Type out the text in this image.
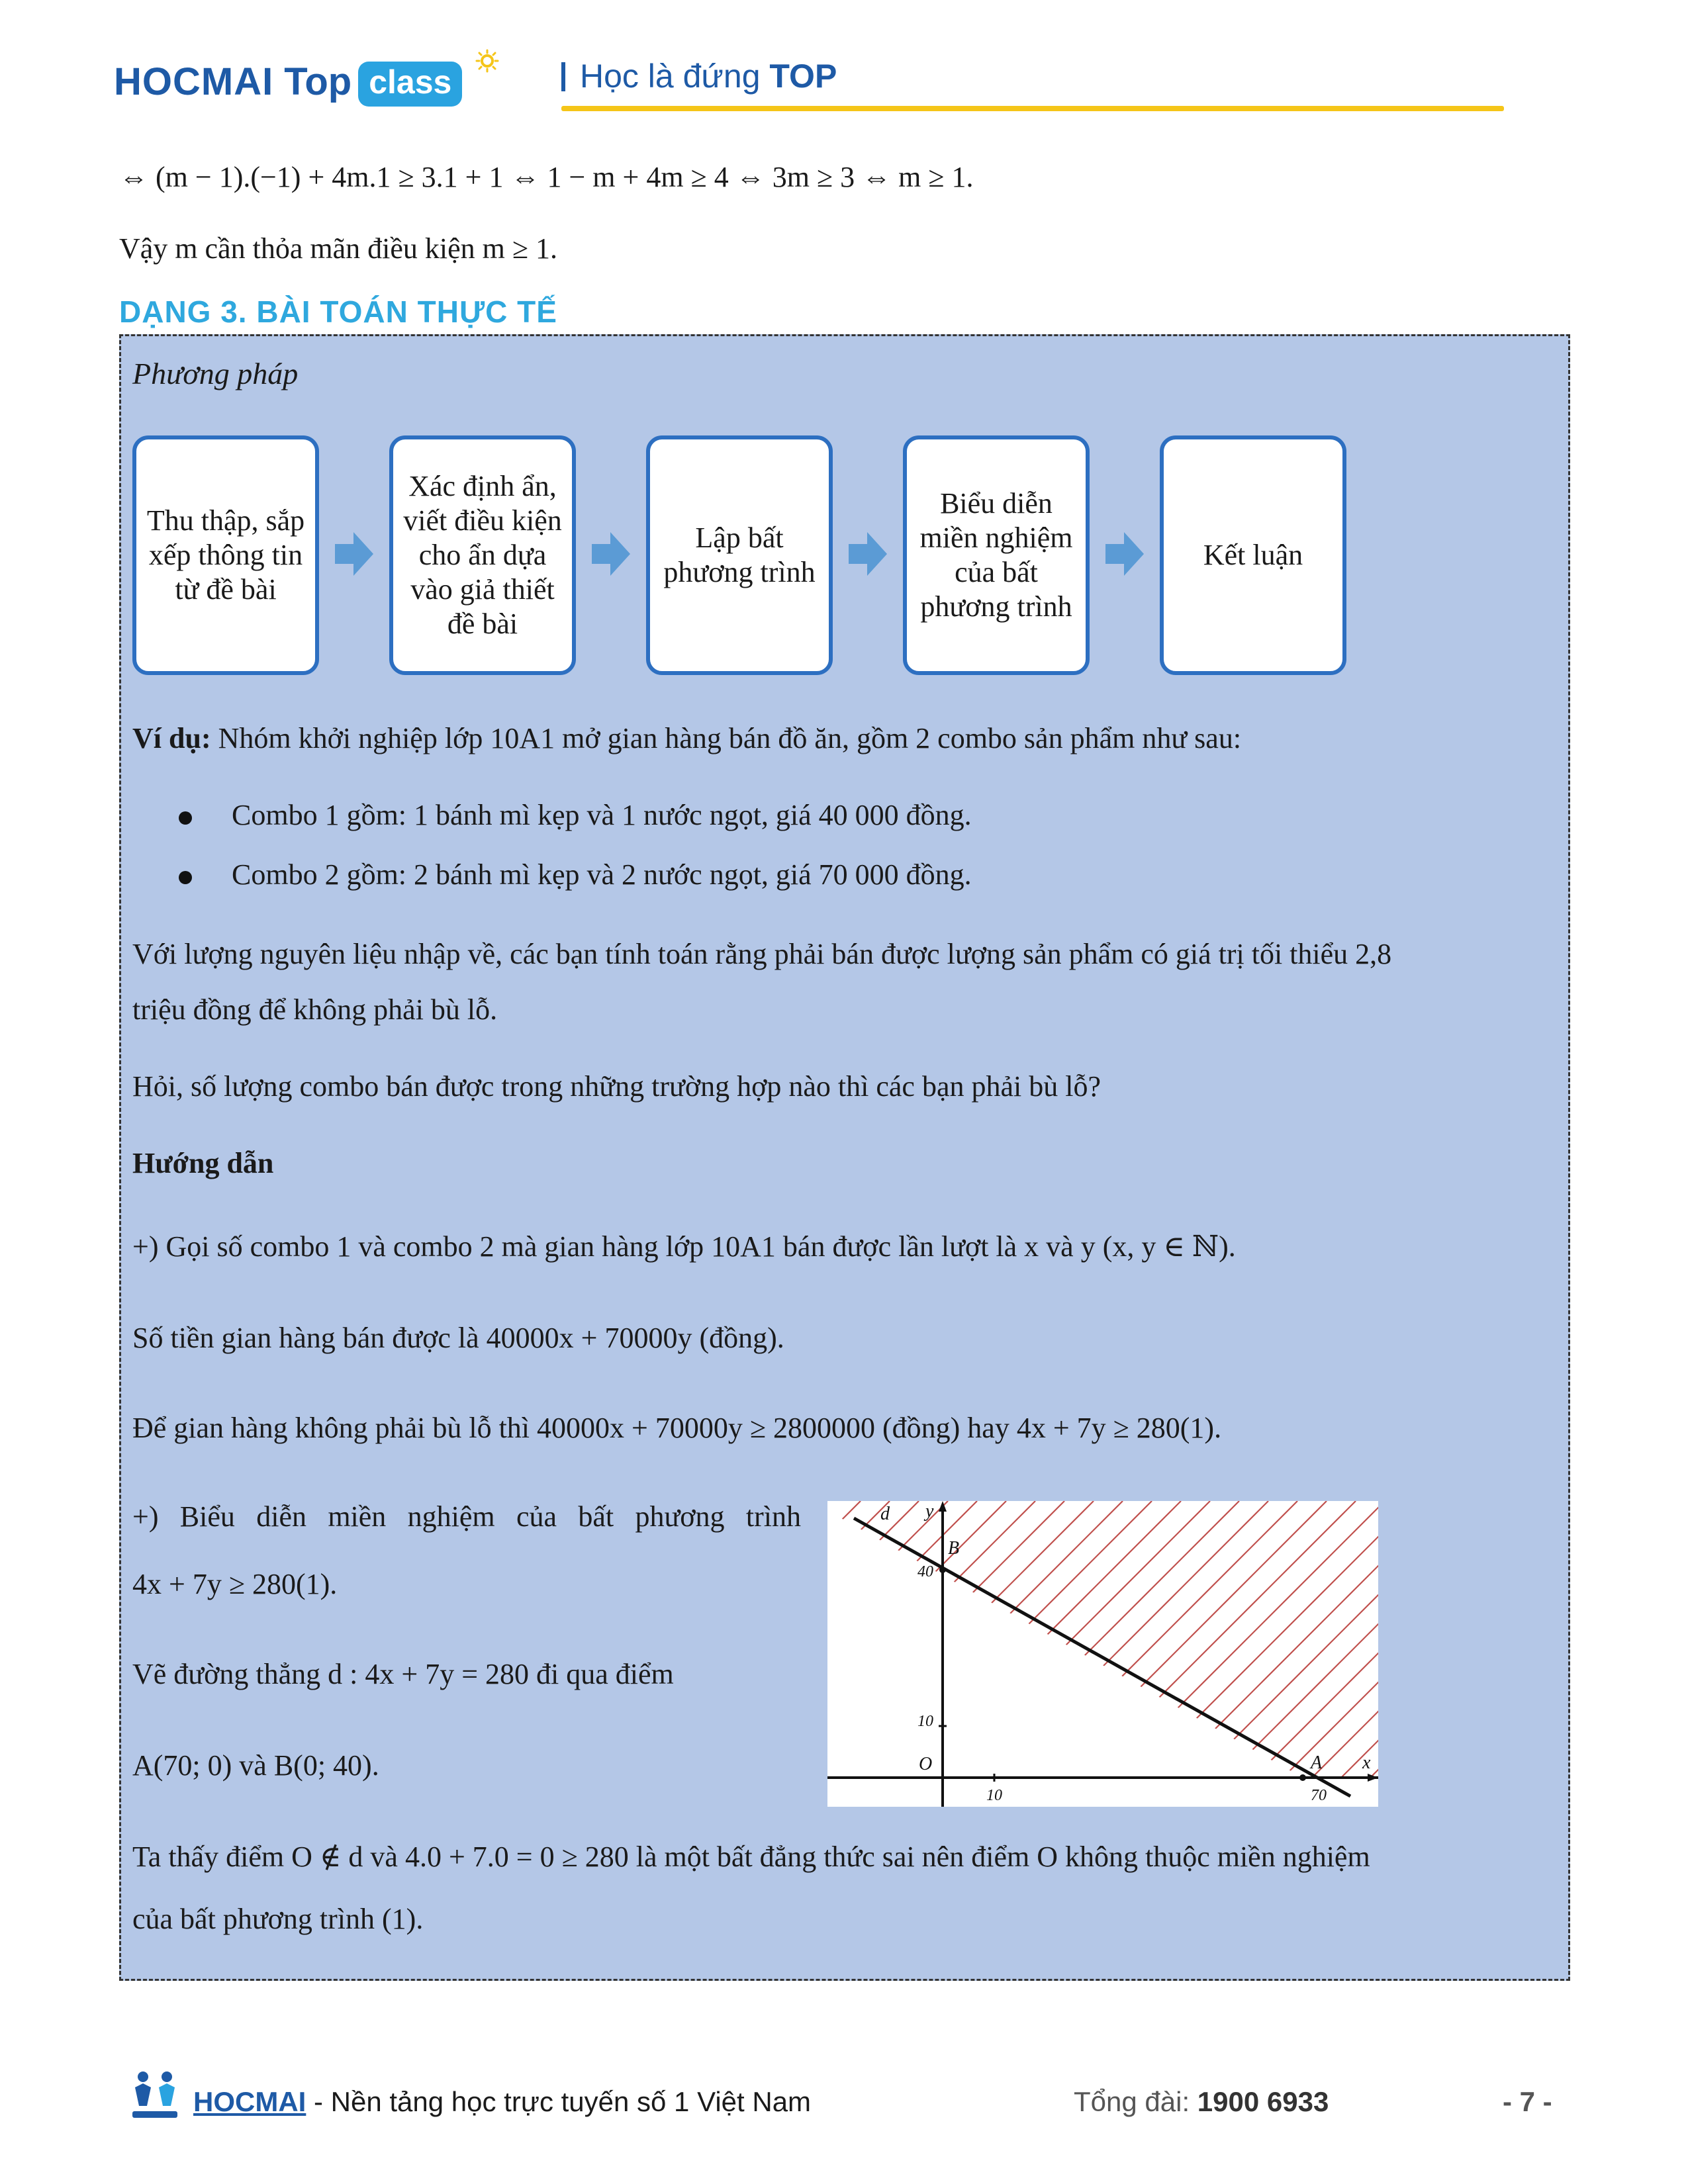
HOCMAI Top class	Học là đứng TOP
⇔ (m − 1).(−1) + 4m.1 ≥ 3.1 + 1 ⇔ 1 − m + 4m ≥ 4 ⇔ 3m ≥ 3 ⇔ m ≥ 1.
Vậy m cần thỏa mãn điều kiện m ≥ 1.
DẠNG 3. BÀI TOÁN THỰC TẾ
Phương pháp
Thu thập, sắp xếp thông tin từ đề bài
Xác định ẩn, viết điều kiện cho ẩn dựa vào giả thiết đề bài
Lập bất phương trình
Biểu diễn miền nghiệm của bất phương trình
Kết luận
Ví dụ: Nhóm khởi nghiệp lớp 10A1 mở gian hàng bán đồ ăn, gồm 2 combo sản phẩm như sau:
Combo 1 gồm: 1 bánh mì kẹp và 1 nước ngọt, giá 40 000 đồng.
Combo 2 gồm: 2 bánh mì kẹp và 2 nước ngọt, giá 70 000 đồng.
Với lượng nguyên liệu nhập về, các bạn tính toán rằng phải bán được lượng sản phẩm có giá trị tối thiểu 2,8
triệu đồng để không phải bù lỗ.
Hỏi, số lượng combo bán được trong những trường hợp nào thì các bạn phải bù lỗ?
Hướng dẫn
+) Gọi số combo 1 và combo 2 mà gian hàng lớp 10A1 bán được lần lượt là x và y (x, y ∈ ℕ).
Số tiền gian hàng bán được là 40000x + 70000y (đồng).
Để gian hàng không phải bù lỗ thì 40000x + 70000y ≥ 2800000 (đồng) hay 4x + 7y ≥ 280(1).
+) Biểu diễn miền nghiệm của bất phương trình
4x + 7y ≥ 280(1).
Vẽ đường thẳng d : 4x + 7y = 280 đi qua điểm
A(70; 0) và B(0; 40).
d y
x
B
A
O
40
10
10	70
Ta thấy điểm O ∉ d và 4.0 + 7.0 = 0 ≥ 280 là một bất đẳng thức sai nên điểm O không thuộc miền nghiệm
của bất phương trình (1).
HOCMAI - Nền tảng học trực tuyến số 1 Việt Nam	Tổng đài: 1900 6933	- 7 -
